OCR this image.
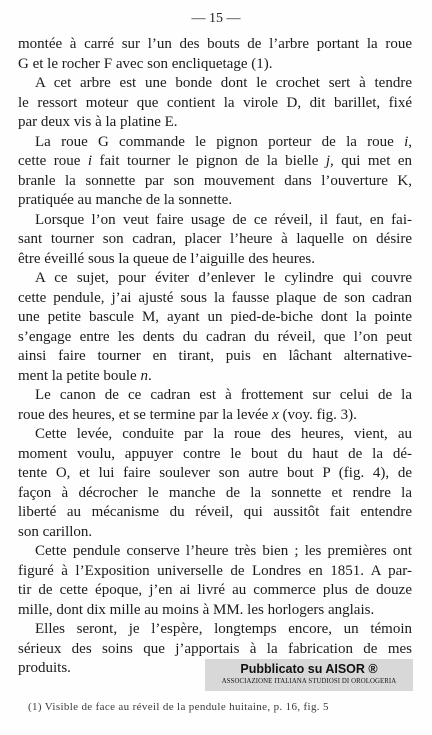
— 15 —
montée à carré sur l’un des bouts de l’arbre portant la roue
G et le rocher F avec son encliquetage (1).
A cet arbre est une bonde dont le crochet sert à tendre
le ressort moteur que contient la virole D, dit barillet, fixé
par deux vis à la platine E.
La roue G commande le pignon porteur de la roue i,
cette roue i fait tourner le pignon de la bielle j, qui met en
branle la sonnette par son mouvement dans l’ouverture K,
pratiquée au manche de la sonnette.
Lorsque l’on veut faire usage de ce réveil, il faut, en fai-
sant tourner son cadran, placer l’heure à laquelle on désire
être éveillé sous la queue de l’aiguille des heures.
A ce sujet, pour éviter d’enlever le cylindre qui couvre
cette pendule, j’ai ajusté sous la fausse plaque de son cadran
une petite bascule M, ayant un pied-de-biche dont la pointe
s’engage entre les dents du cadran du réveil, que l’on peut
ainsi faire tourner en tirant, puis en lâchant alternative-
ment la petite boule n.
Le canon de ce cadran est à frottement sur celui de la
roue des heures, et se termine par la levée x (voy. fig. 3).
Cette levée, conduite par la roue des heures, vient, au
moment voulu, appuyer contre le bout du haut de la dé-
tente O, et lui faire soulever son autre bout P (fig. 4), de
façon à décrocher le manche de la sonnette et rendre la
liberté au mécanisme du réveil, qui aussitôt fait entendre
son carillon.
Cette pendule conserve l’heure très bien ; les premières ont
figuré à l’Exposition universelle de Londres en 1851. A par-
tir de cette époque, j’en ai livré au commerce plus de douze
mille, dont dix mille au moins à MM. les horlogers anglais.
Elles seront, je l’espère, longtemps encore, un témoin
sérieux des soins que j’apportais à la fabrication de mes
produits.	Pubblicato su AISOR ®
ASSOCIAZIONE ITALIANA STUDIOSI DI OROLOGERIA
(1) Visible de face au réveil de la pendule huitaine, p. 16, fig. 5
